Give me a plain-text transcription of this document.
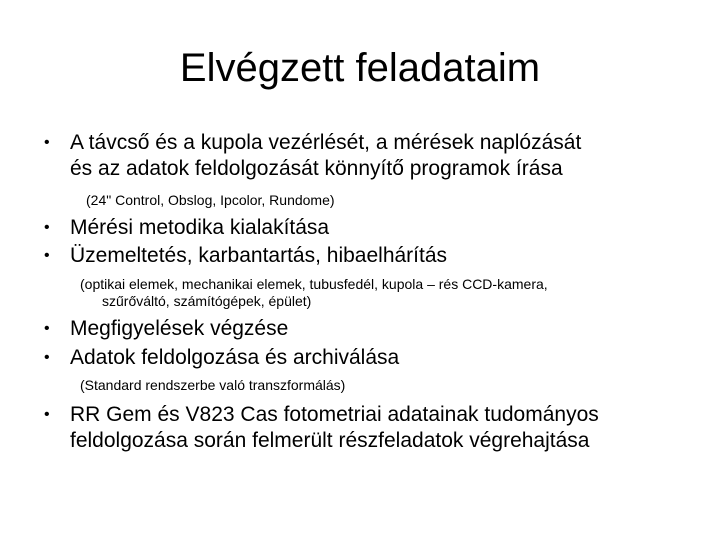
Elvégzett feladataim
• A távcső és a kupola vezérlését, a mérések naplózását
és az adatok feldolgozását könnyítő programok írása
(24" Control, Obslog, Ipcolor, Rundome)
• Mérési metodika kialakítása
• Üzemeltetés, karbantartás, hibaelhárítás
(optikai elemek, mechanikai elemek, tubusfedél, kupola – rés CCD-kamera,
szűrőváltó, számítógépek, épület)
• Megfigyelések végzése
• Adatok feldolgozása és archiválása
(Standard rendszerbe való transzformálás)
• RR Gem és V823 Cas fotometriai adatainak tudományos
feldolgozása során felmerült részfeladatok végrehajtása
